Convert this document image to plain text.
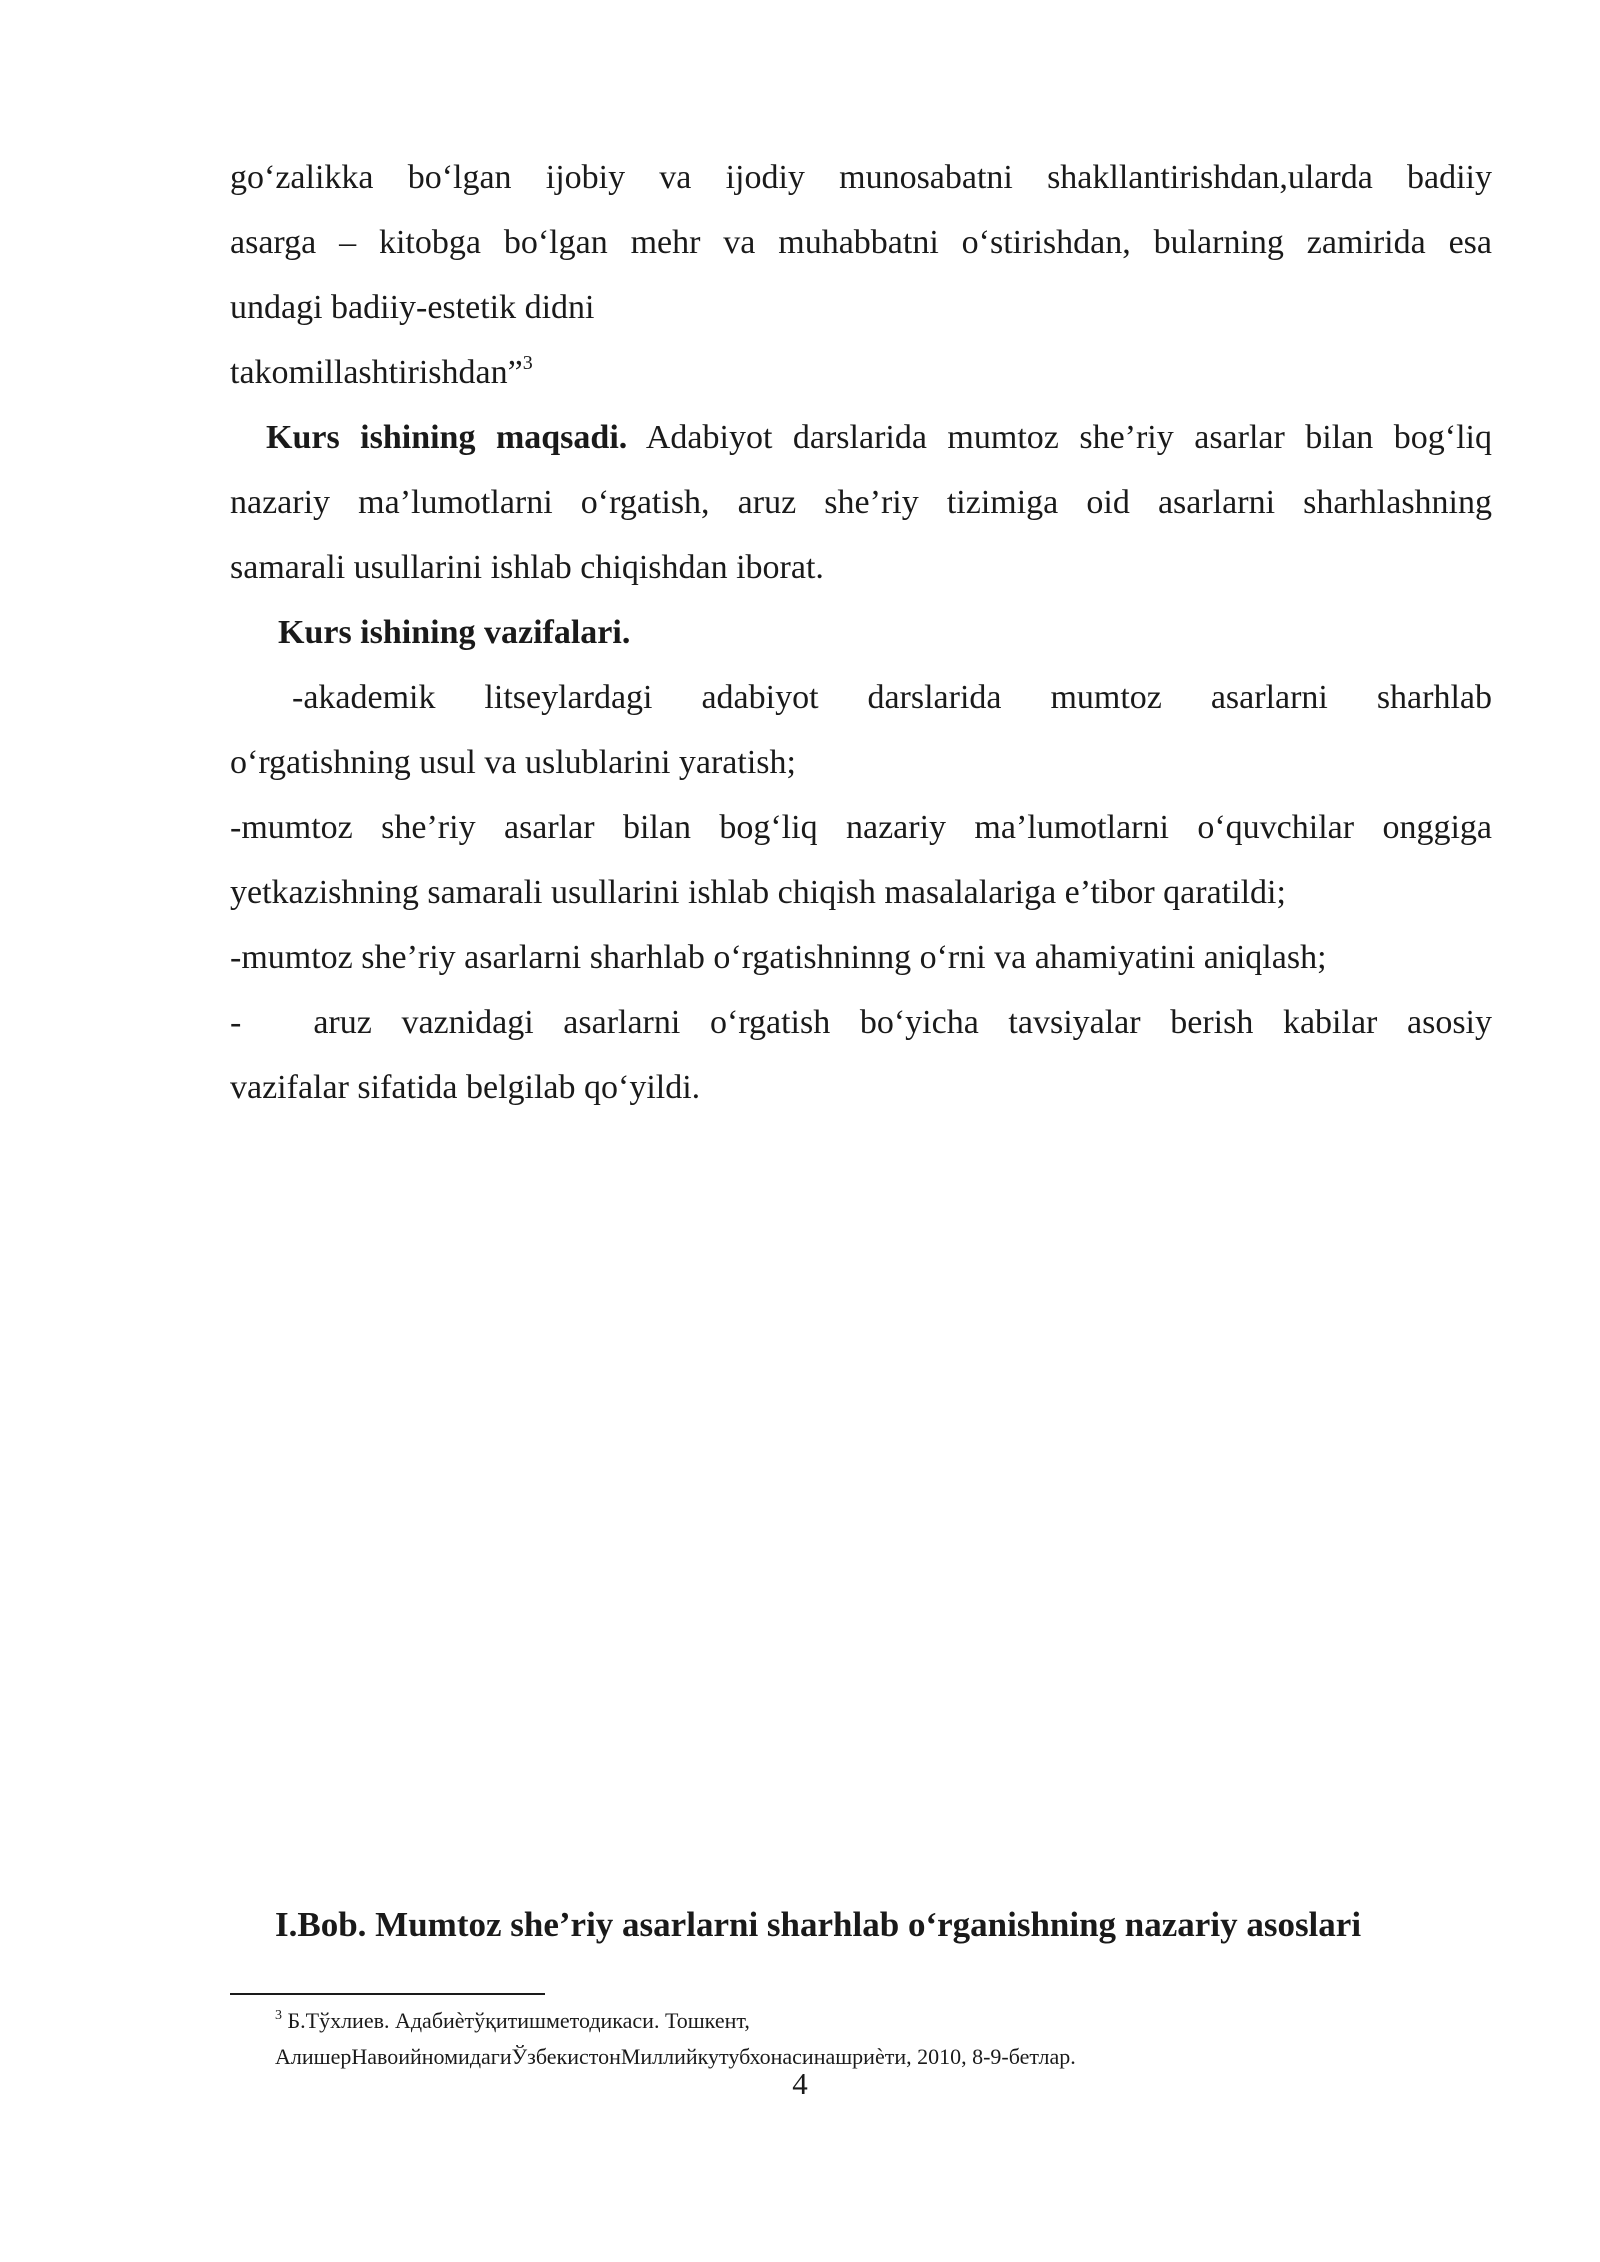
go‘zalikka bo‘lgan ijobiy va ijodiy munosabatni shakllantirishdan,ularda badiiy
asarga – kitobga bo‘lgan mehr va muhabbatni o‘stirishdan, bularning zamirida esa
undagi badiiy-estetik didni
takomillashtirishdan”$^3$
Kurs ishining maqsadi. Adabiyot darslarida mumtoz she’riy asarlar bilan bog‘liq
nazariy ma’lumotlarni o‘rgatish, aruz she’riy tizimiga oid asarlarni sharhlashning
samarali usullarini ishlab chiqishdan iborat.
Kurs ishining vazifalari.
-akademik litseylardagi adabiyot darslarida mumtoz asarlarni sharhlab
o‘rgatishning usul va uslublarini yaratish;
-mumtoz she’riy asarlar bilan bog‘liq nazariy ma’lumotlarni o‘quvchilar onggiga
yetkazishning samarali usullarini ishlab chiqish masalalariga e’tibor qaratildi;
-mumtoz she’riy asarlarni sharhlab o‘rgatishninng o‘rni va ahamiyatini aniqlash;
- aruz vaznidagi asarlarni o‘rgatish bo‘yicha tavsiyalar berish kabilar asosiy
vazifalar sifatida belgilab qo‘yildi.
I.Bob. Mumtoz she’riy asarlarni sharhlab o‘rganishning nazariy asoslari
$^3$ Б.Тўхлиев. Адабиѐтўқитишметодикаси. Тошкент,
АлишерНавоийномидагиЎзбекистонМиллийкутубхонасинашриѐти, 2010, 8-9-бетлар.
4
